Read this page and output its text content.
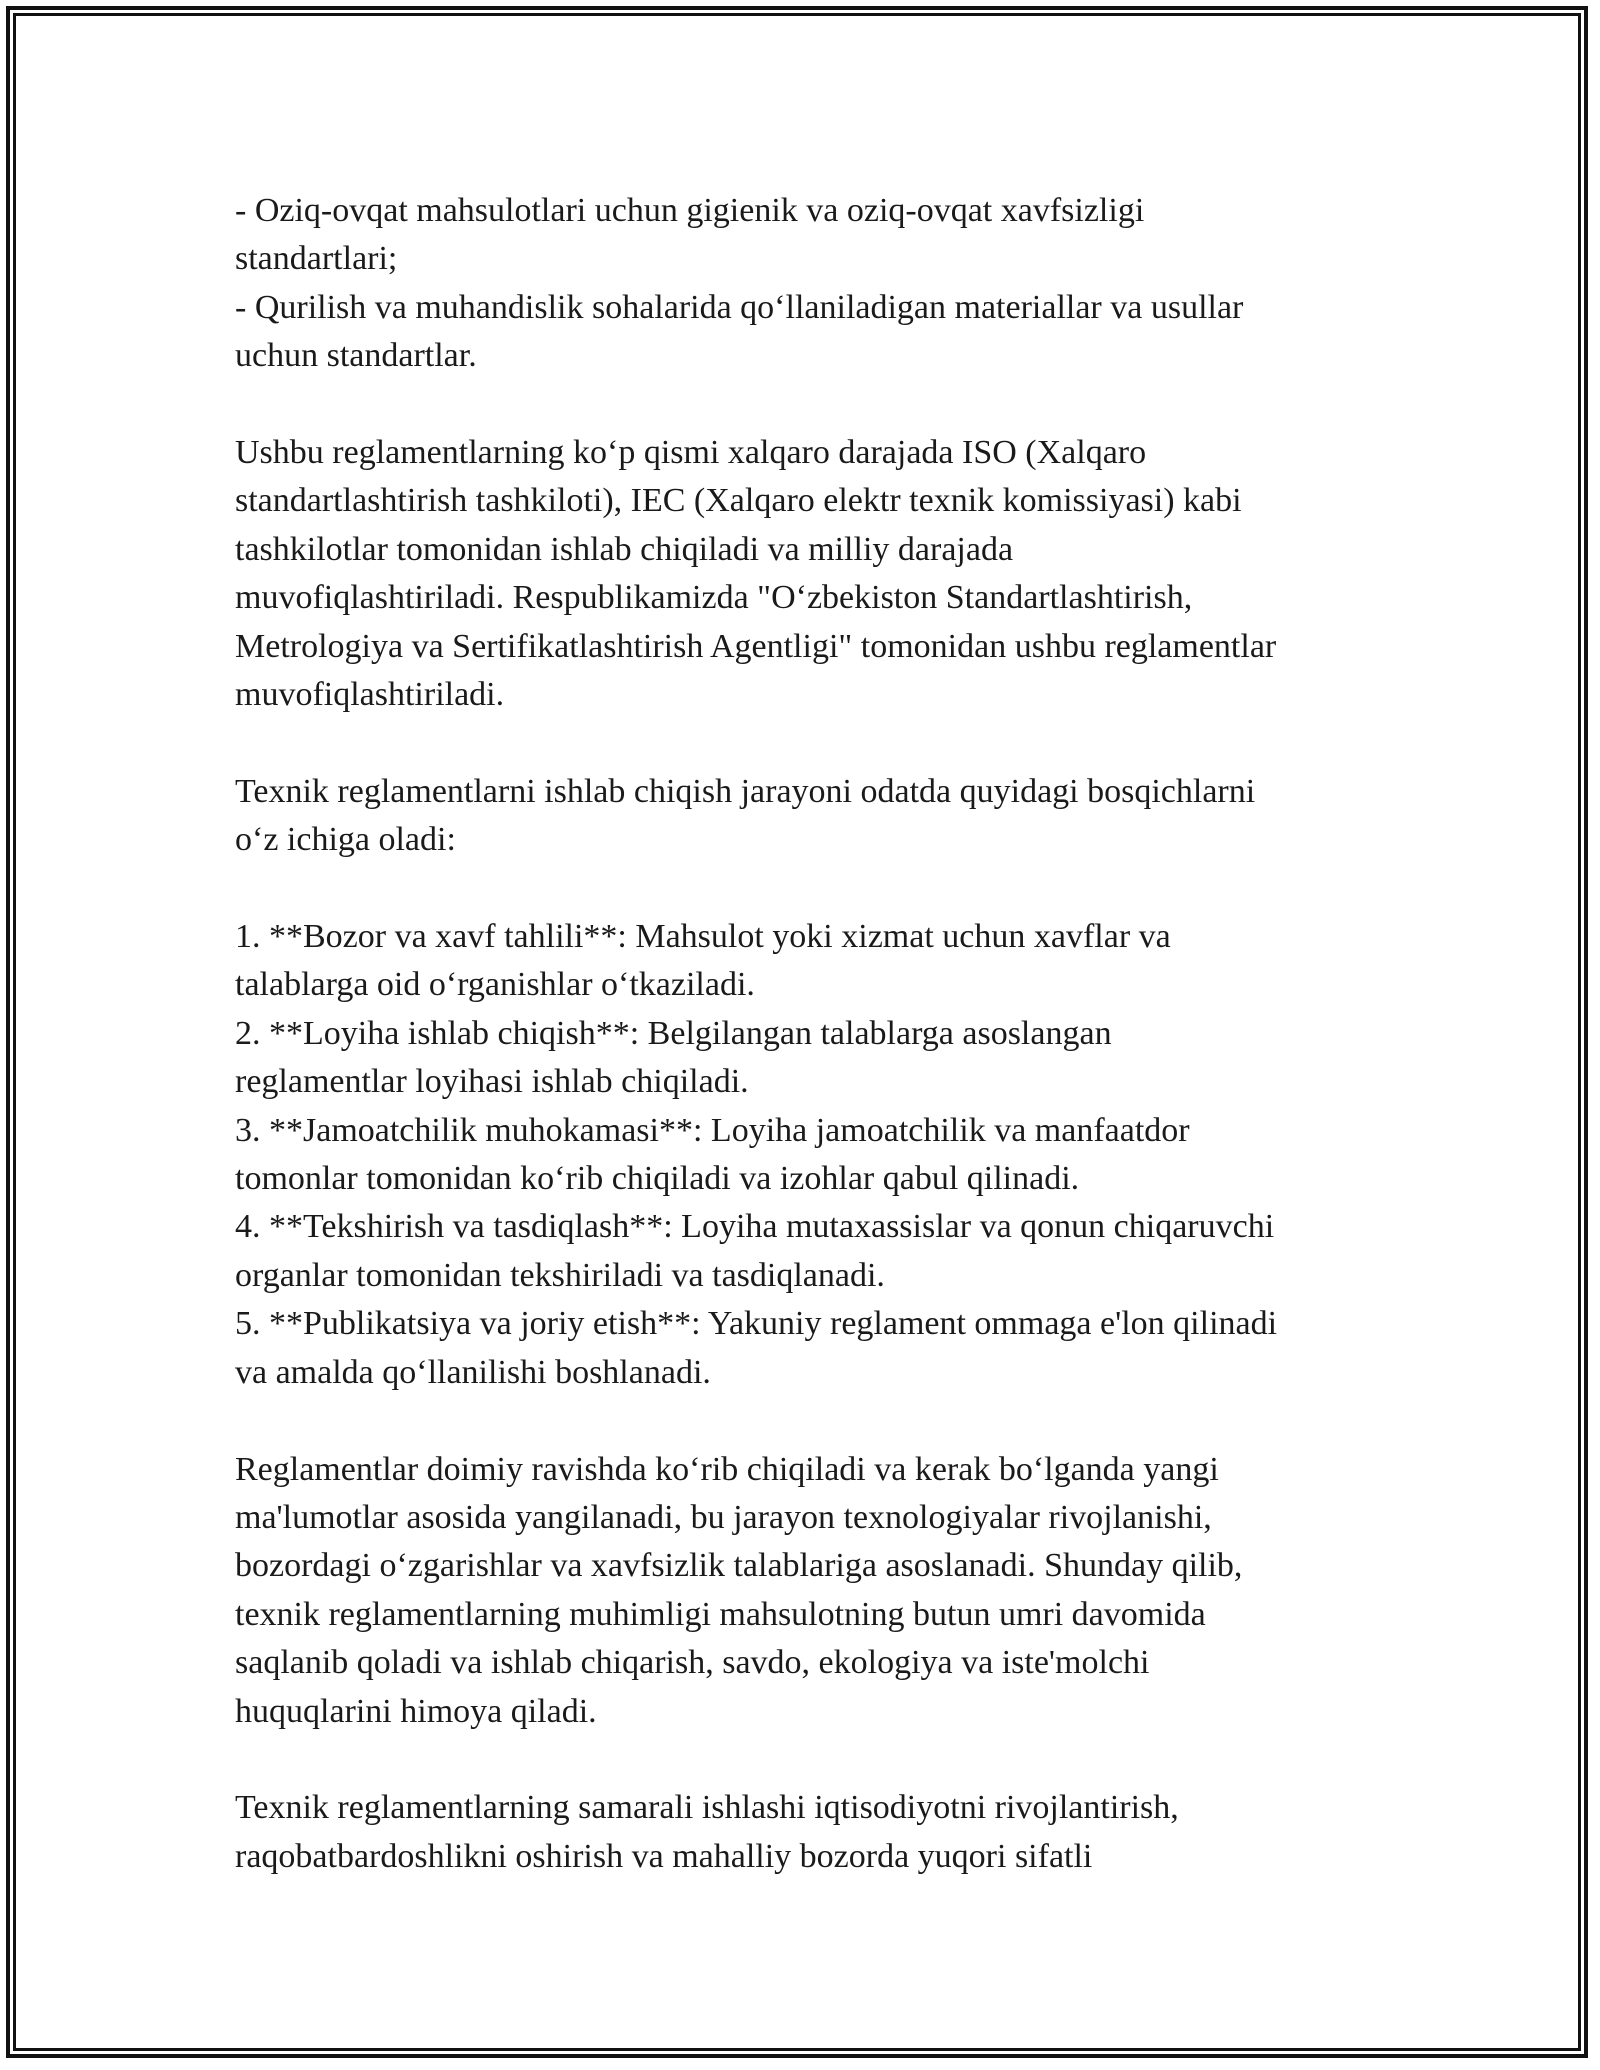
- Oziq-ovqat mahsulotlari uchun gigienik va oziq-ovqat xavfsizligi
standartlari;
- Qurilish va muhandislik sohalarida qo‘llaniladigan materiallar va usullar
uchun standartlar.

Ushbu reglamentlarning ko‘p qismi xalqaro darajada ISO (Xalqaro
standartlashtirish tashkiloti), IEC (Xalqaro elektr texnik komissiyasi) kabi
tashkilotlar tomonidan ishlab chiqiladi va milliy darajada
muvofiqlashtiriladi. Respublikamizda "O‘zbekiston Standartlashtirish,
Metrologiya va Sertifikatlashtirish Agentligi" tomonidan ushbu reglamentlar
muvofiqlashtiriladi.

Texnik reglamentlarni ishlab chiqish jarayoni odatda quyidagi bosqichlarni
o‘z ichiga oladi:

1. **Bozor va xavf tahlili**: Mahsulot yoki xizmat uchun xavflar va
talablarga oid o‘rganishlar o‘tkaziladi.
2. **Loyiha ishlab chiqish**: Belgilangan talablarga asoslangan
reglamentlar loyihasi ishlab chiqiladi.
3. **Jamoatchilik muhokamasi**: Loyiha jamoatchilik va manfaatdor
tomonlar tomonidan ko‘rib chiqiladi va izohlar qabul qilinadi.
4. **Tekshirish va tasdiqlash**: Loyiha mutaxassislar va qonun chiqaruvchi
organlar tomonidan tekshiriladi va tasdiqlanadi.
5. **Publikatsiya va joriy etish**: Yakuniy reglament ommaga e'lon qilinadi
va amalda qo‘llanilishi boshlanadi.

Reglamentlar doimiy ravishda ko‘rib chiqiladi va kerak bo‘lganda yangi
ma'lumotlar asosida yangilanadi, bu jarayon texnologiyalar rivojlanishi,
bozordagi o‘zgarishlar va xavfsizlik talablariga asoslanadi. Shunday qilib,
texnik reglamentlarning muhimligi mahsulotning butun umri davomida
saqlanib qoladi va ishlab chiqarish, savdo, ekologiya va iste'molchi
huquqlarini himoya qiladi.

Texnik reglamentlarning samarali ishlashi iqtisodiyotni rivojlantirish,
raqobatbardoshlikni oshirish va mahalliy bozorda yuqori sifatli
